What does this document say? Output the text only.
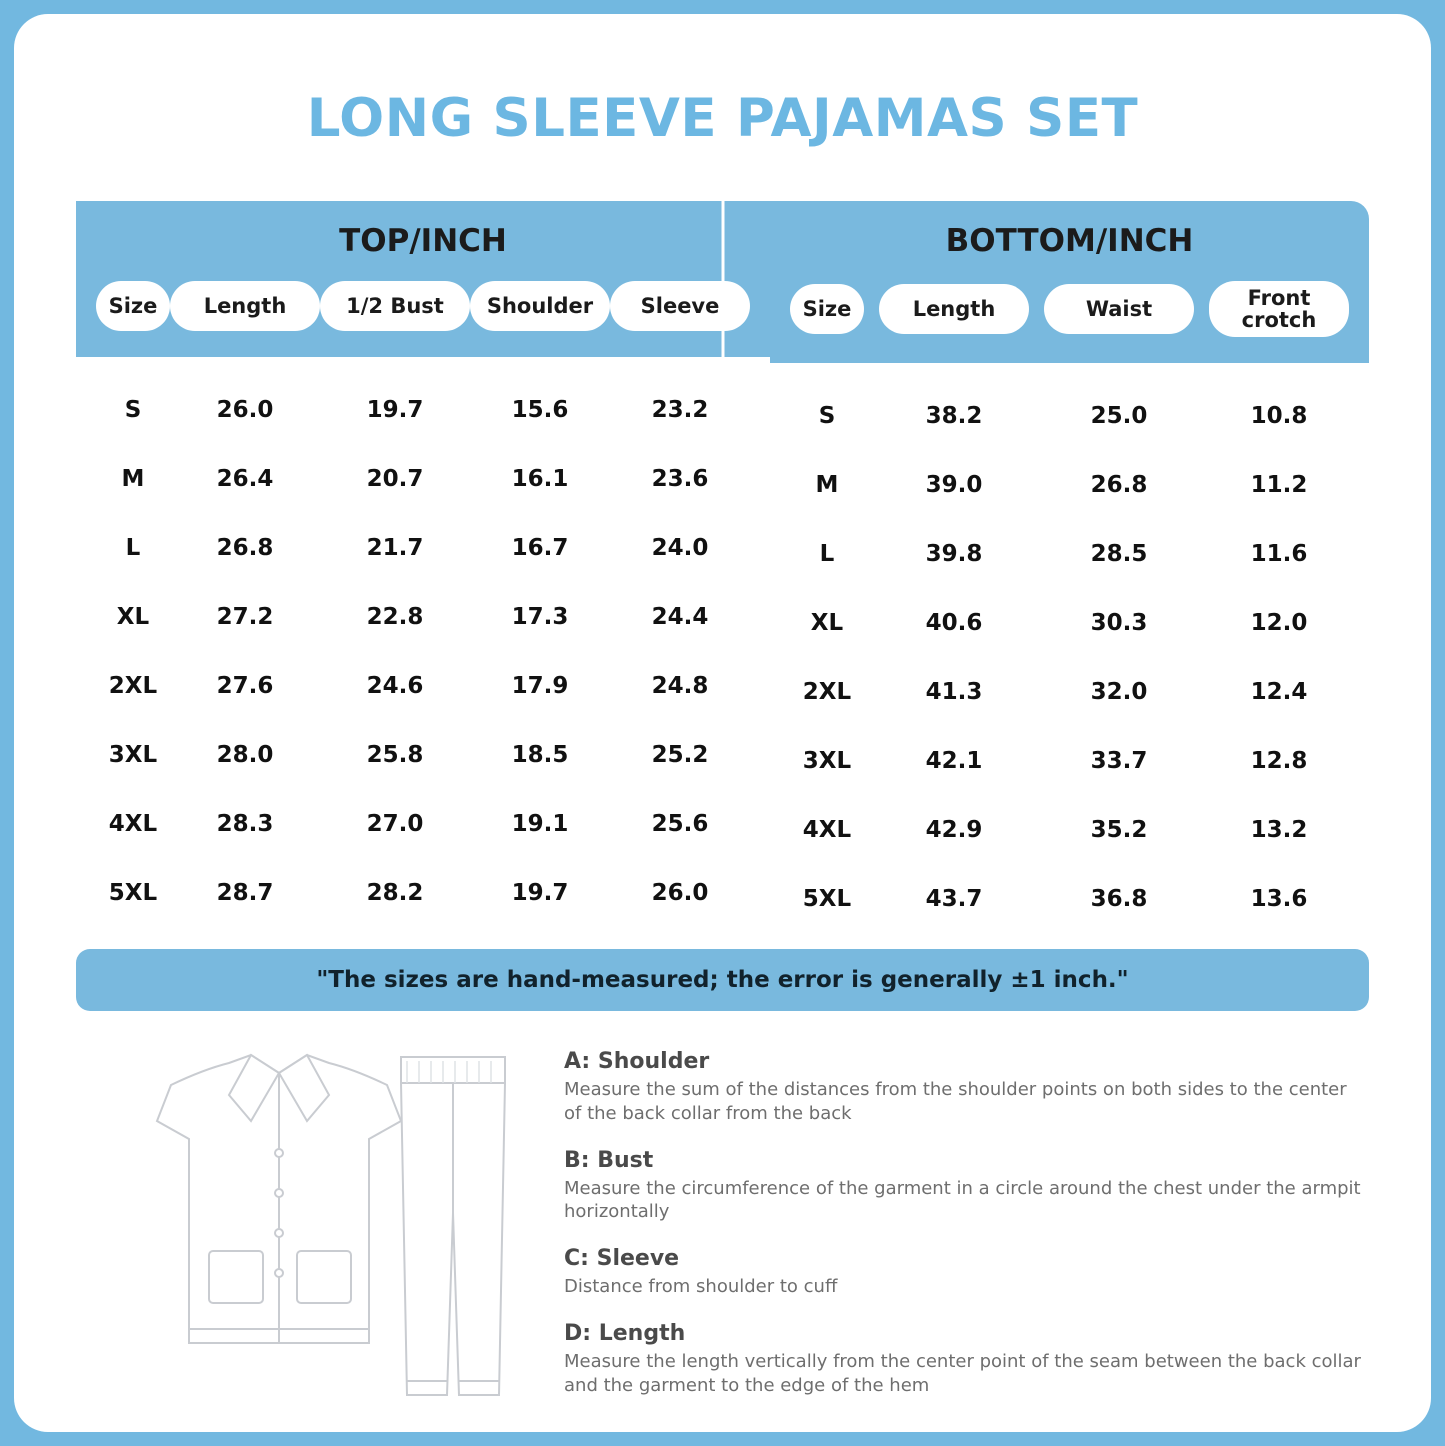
LONG SLEEVE PAJAMAS SET
TOP/INCH
Size	Length	1/2 Bust	Shoulder	Sleeve
S	26.0	19.7	15.6	23.2
M	26.4	20.7	16.1	23.6
L	26.8	21.7	16.7	24.0
XL	27.2	22.8	17.3	24.4
2XL	27.6	24.6	17.9	24.8
3XL	28.0	25.8	18.5	25.2
4XL	28.3	27.0	19.1	25.6
5XL	28.7	28.2	19.7	26.0
BOTTOM/INCH
Size	Length	Waist	Front crotch
S	38.2	25.0	10.8
M	39.0	26.8	11.2
L	39.8	28.5	11.6
XL	40.6	30.3	12.0
2XL	41.3	32.0	12.4
3XL	42.1	33.7	12.8
4XL	42.9	35.2	13.2
5XL	43.7	36.8	13.6
"The sizes are hand-measured; the error is generally ±1 inch."
A: Shoulder

Measure the sum of the distances from the shoulder points on both sides to the center of the back collar from the back

B: Bust

Measure the circumference of the garment in a circle around the chest under the armpit horizontally

C: Sleeve

Distance from shoulder to cuff

D: Length

Measure the length vertically from the center point of the seam between the back collar and the garment to the edge of the hem
